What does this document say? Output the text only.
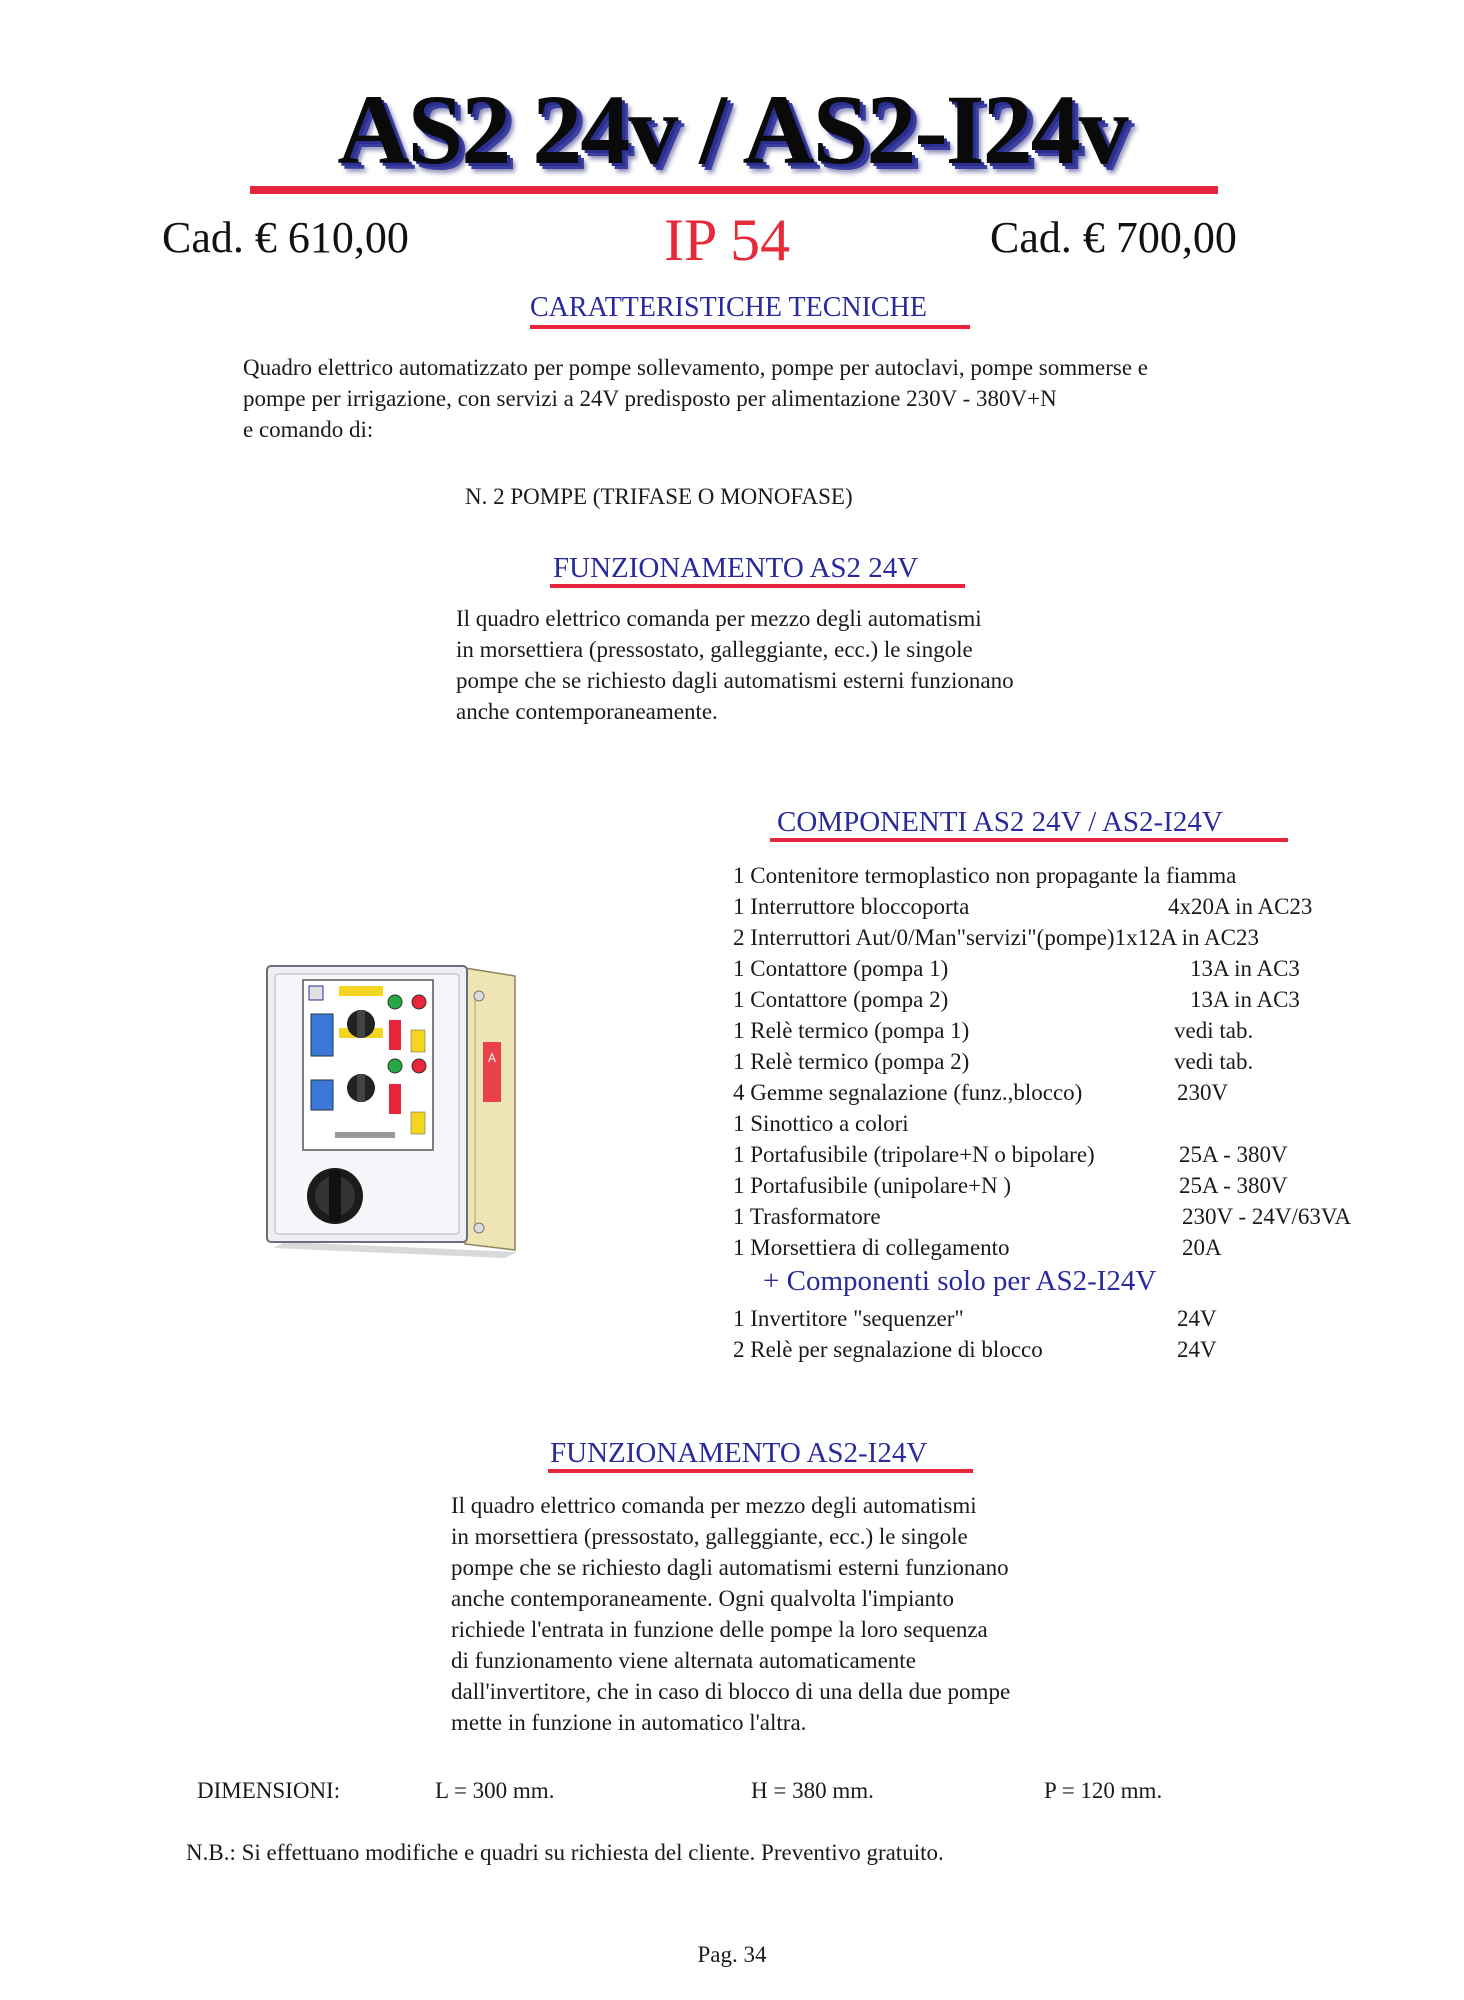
AS2 24v / AS2-I24v
Cad. € 610,00	IP 54	Cad. € 700,00
CARATTERISTICHE TECNICHE
Quadro elettrico automatizzato per pompe sollevamento, pompe per autoclavi, pompe sommerse e
pompe per irrigazione, con servizi a 24V predisposto per alimentazione 230V - 380V+N
e comando di:
N. 2 POMPE (TRIFASE O MONOFASE)
FUNZIONAMENTO AS2 24V
Il quadro elettrico comanda per mezzo degli automatismi
in morsettiera (pressostato, galleggiante, ecc.) le singole
pompe che se richiesto dagli automatismi esterni funzionano
anche contemporaneamente.
COMPONENTI AS2 24V / AS2-I24V
A
1 Contenitore termoplastico non propagante la fiamma
1 Interruttore bloccoporta	4x20A in AC23
2 Interruttori Aut/0/Man"servizi"(pompe)1x12A in AC23
1 Contattore (pompa 1)	13A in AC3
1 Contattore (pompa 2)	13A in AC3
1 Relè termico (pompa 1)	vedi tab.
1 Relè termico (pompa 2)	vedi tab.
4 Gemme segnalazione (funz.,blocco)	230V
1 Sinottico a colori
1 Portafusibile (tripolare+N o bipolare)	25A - 380V
1 Portafusibile (unipolare+N )	25A - 380V
1 Trasformatore	230V - 24V/63VA
1 Morsettiera di collegamento	20A
+ Componenti solo per AS2-I24V
1 Invertitore "sequenzer"	24V
2 Relè per segnalazione di blocco	24V
FUNZIONAMENTO AS2-I24V
Il quadro elettrico comanda per mezzo degli automatismi
in morsettiera (pressostato, galleggiante, ecc.) le singole
pompe che se richiesto dagli automatismi esterni funzionano
anche contemporaneamente. Ogni qualvolta l'impianto
richiede l'entrata in funzione delle pompe la loro sequenza
di funzionamento viene alternata automaticamente
dall'invertitore, che in caso di blocco di una della due pompe
mette in funzione in automatico l'altra.
DIMENSIONI:	L = 300 mm.	H = 380 mm.	P = 120 mm.
N.B.: Si effettuano modifiche e quadri su richiesta del cliente. Preventivo gratuito.
Pag. 34
